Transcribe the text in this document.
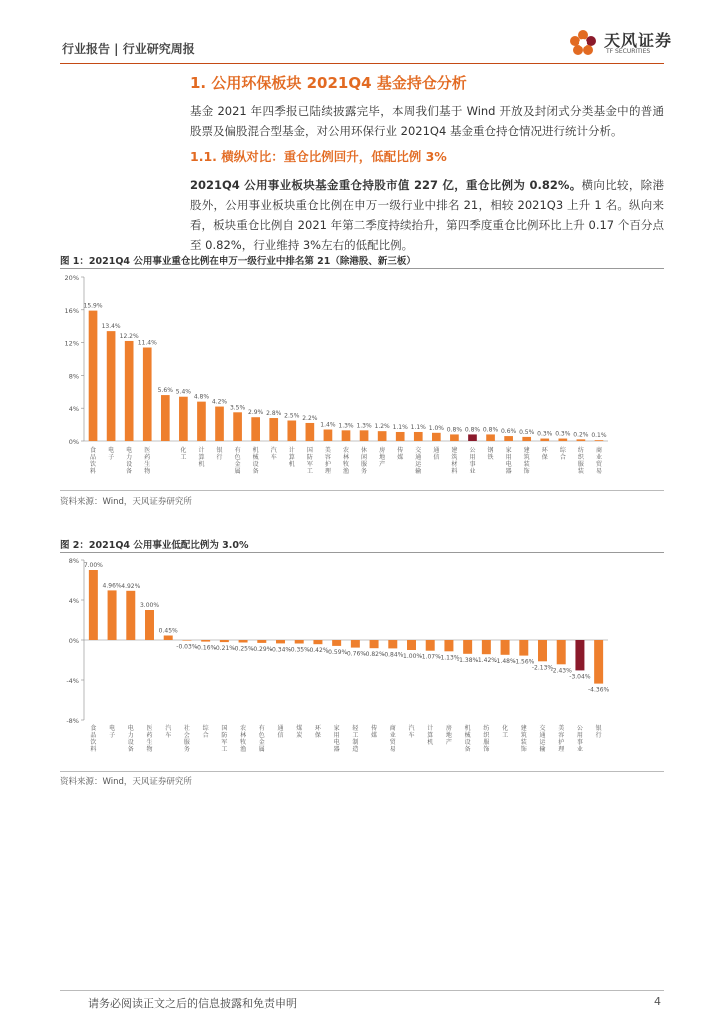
行业报告 | 行业研究周报	天风证券
TF SECURITIES
1. 公用环保板块 2021Q4 基金持仓分析
基金 2021 年四季报已陆续披露完毕，本周我们基于 Wind 开放及封闭式分类基金中的普通股票及偏股混合型基金，对公用环保行业 2021Q4 基金重仓持仓情况进行统计分析。
1.1. 横纵对比：重仓比例回升，低配比例 3%
2021Q4 公用事业板块基金重仓持股市值 227 亿，重仓比例为 0.82%。横向比较，除港股外，公用事业板块重仓比例在申万一级行业中排名 21，相较 2021Q3 上升 1 名。纵向来看，板块重仓比例自 2021 年第二季度持续抬升，第四季度重仓比例环比上升 0.17 个百分点至 0.82%，行业维持 3%左右的低配比例。
图 1：2021Q4 公用事业重仓比例在申万一级行业中排名第 21（除港股、新三板）
0%
4%
8%
12%
16%
20%
15.9%
13.4%
12.2%
11.4%
5.6% 5.4%
4.8%
4.2%
3.5%
2.9% 2.8% 2.5% 2.2%
1.4% 1.3% 1.3% 1.2% 1.1% 1.1% 1.0% 0.8% 0.8% 0.8% 0.6% 0.5% 0.3% 0.3% 0.2% 0.1%
食品饮料
电子
电力设备
医药生物
化工
计算机
银行
有色金属
机械设备
汽车
计算机
国防军工
美容护理
农林牧渔
休闲服务
房地产
传媒
交通运输
通信
建筑材料
公用事业
钢铁
家用电器
建筑装饰
环保
综合
纺织服装
商业贸易
资料来源：Wind，天风证券研究所
图 2：2021Q4 公用事业低配比例为 3.0%
-8%
-4%
0%
4%
8%
7.00%
4.96% 4.92%
3.00%
0.45%
-0.03%
-0.16%
-0.21%
-0.25%
-0.29%
-0.34%
-0.35%
-0.42%
-0.59%
-0.76%
-0.82%
-0.84%
-1.00%
-1.07%
-1.13%
-1.38%
-1.42%
-1.48%
-1.56%
-2.13%
-2.43%
-3.04%
-4.36%
食品饮料
电子
电力设备
医药生物
汽车
社会服务
综合
国防军工
农林牧渔
有色金属
通信
煤炭
环保
家用电器
轻工制造
传媒
商业贸易
汽车
计算机
房地产
机械设备
纺织服饰
化工
建筑装饰
交通运输
美容护理
公用事业
银行
资料来源：Wind，天风证券研究所
请务必阅读正文之后的信息披露和免责申明	4
